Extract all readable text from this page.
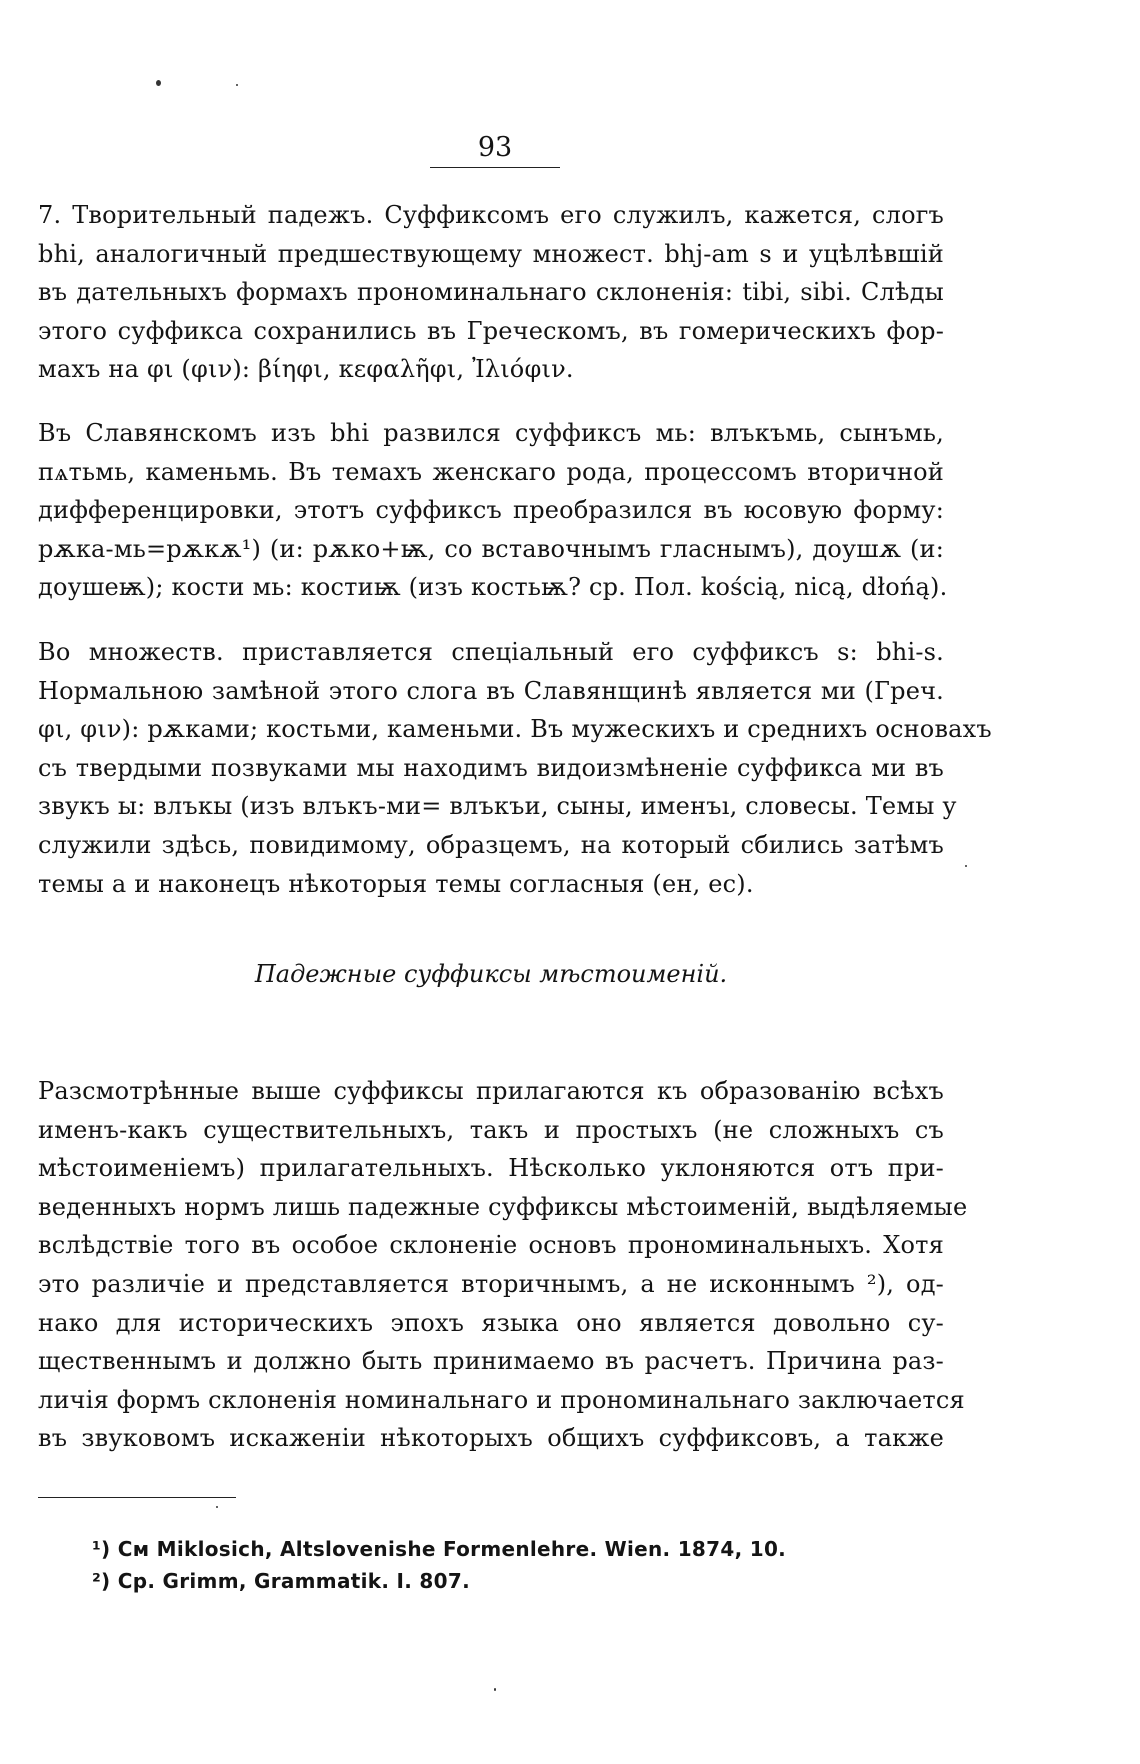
93
7. Творительный падежъ. Суффиксомъ его служилъ, кажется, слогъ
bhi, аналогичный предшествующему множест. bhj-am s и уцѣлѣвшій
въ дательныхъ формахъ прономинальнаго склоненія: tibi, sibi. Слѣды
этого суффикса сохранились въ Греческомъ, въ гомерическихъ фор-
махъ на φι (φιν): βίηφι, κεφαλῆφι, Ἰλιόφιν.
Въ Славянскомъ изъ bhi развился суффиксъ мь: влъкъмь, сынъмь,
пѧтьмь, каменьмь. Въ темахъ женскаго рода, процессомъ вторичной
дифференцировки, этотъ суффиксъ преобразился въ юсовую форму:
рѫка-мь=рѫкѫ¹) (и: рѫко+ѭ, со вставочнымъ гласнымъ), доушѫ (и:
доушеѭ); кости мь: костиѭ (изъ костьѭ? ср. Пол. kością, nicą, dłońą).
Во множеств. приставляется спеціальный его суффиксъ s: bhi-s.
Нормальною замѣной этого слога въ Славянщинѣ является ми (Греч.
φι, φιν): рѫками; костьми, каменьми. Въ мужескихъ и среднихъ основахъ
съ твердыми позвуками мы находимъ видоизмѣненіе суффикса ми въ
звукъ ы: влъкы (изъ влъкъ-ми= влъкъи, сыны, именъı, словесы. Темы у
служили здѣсь, повидимому, образцемъ, на который сбились затѣмъ
темы а и наконецъ нѣкоторыя темы согласныя (ен, ес).
Падежные суффиксы мѣстоименій.
Разсмотрѣнные выше суффиксы прилагаются къ образованію всѣхъ
именъ-какъ существительныхъ, такъ и простыхъ (не сложныхъ съ
мѣстоименіемъ) прилагательныхъ. Нѣсколько уклоняются отъ при-
веденныхъ нормъ лишь падежные суффиксы мѣстоименій, выдѣляемые
вслѣдствіе того въ особое склоненіе основъ прономинальныхъ. Хотя
это различіе и представляется вторичнымъ, а не исконнымъ ²), од-
нако для историческихъ эпохъ языка оно является довольно су-
щественнымъ и должно быть принимаемо въ расчетъ. Причина раз-
личія формъ склоненія номинальнаго и прономинальнаго заключается
въ звуковомъ искаженіи нѣкоторыхъ общихъ суффиксовъ, а также
¹) См Miklosich, Altslovenishe Formenlehre. Wien. 1874, 10.
²) Ср. Grimm, Grammatik. I. 807.
